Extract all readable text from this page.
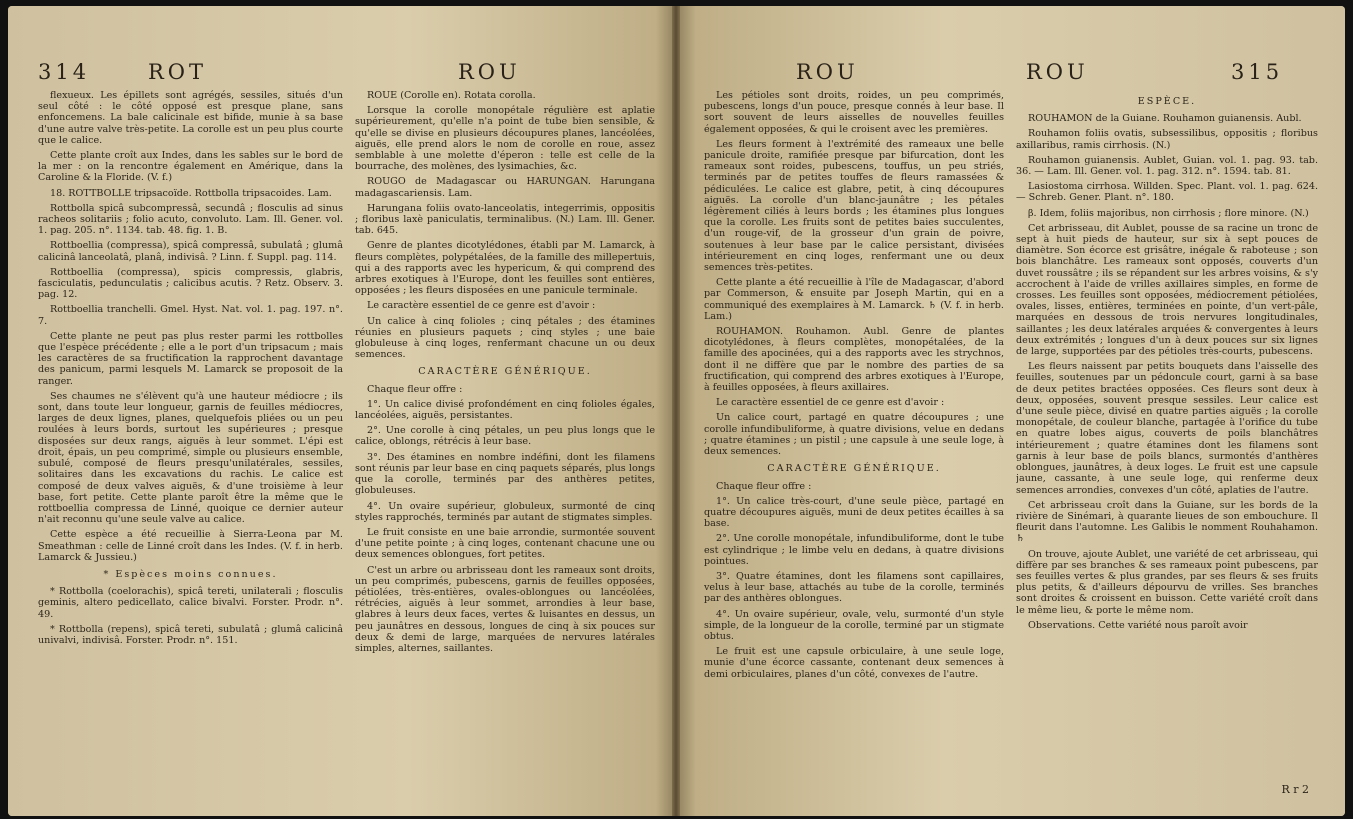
314	ROT	ROU

flexueux. Les épillets sont agrégés, sessiles, situés d'un seul côté : le côté opposé est presque plane, sans enfoncemens. La bale calicinale est bifide, munie à sa base d'une autre valve très-petite. La corolle est un peu plus courte que le calice.

Cette plante croît aux Indes, dans les sables sur le bord de la mer : on la rencontre également en Amérique, dans la Caroline & la Floride. (V. f.)

18. ROTTBOLLE tripsacoïde. Rottbolla tripsacoides. Lam.

Rottbolla spicâ subcompressâ, secundâ ; flosculis ad sinus racheos solitariis ; folio acuto, convoluto. Lam. Ill. Gener. vol. 1. pag. 205. n°. 1134. tab. 48. fig. 1. B.

Rottboellia (compressa), spicâ compressâ, subulatâ ; glumâ calicinâ lanceolatâ, planâ, indivisâ. ? Linn. f. Suppl. pag. 114.

Rottboellia (compressa), spicis compressis, glabris, fasciculatis, pedunculatis ; calicibus acutis. ? Retz. Observ. 3. pag. 12.

Rottboellia tranchelli. Gmel. Hyst. Nat. vol. 1. pag. 197. n°. 7.

Cette plante ne peut pas plus rester parmi les rottbolles que l'espèce précédente ; elle a le port d'un tripsacum ; mais les caractères de sa fructification la rapprochent davantage des panicum, parmi lesquels M. Lamarck se proposoit de la ranger.

Ses chaumes ne s'élèvent qu'à une hauteur médiocre ; ils sont, dans toute leur longueur, garnis de feuilles médiocres, larges de deux lignes, planes, quelquefois pliées ou un peu roulées à leurs bords, surtout les supérieures ; presque disposées sur deux rangs, aiguës à leur sommet. L'épi est droit, épais, un peu comprimé, simple ou plusieurs ensemble, subulé, composé de fleurs presqu'unilatérales, sessiles, solitaires dans les excavations du rachis. Le calice est composé de deux valves aiguës, & d'une troisième à leur base, fort petite. Cette plante paroît être la même que le rottboellia compressa de Linné, quoique ce dernier auteur n'ait reconnu qu'une seule valve au calice.

Cette espèce a été recueillie à Sierra-Leona par M. Smeathman : celle de Linné croît dans les Indes. (V. f. in herb. Lamarck & Jussieu.)

* Espèces moins connues.

* Rottbolla (coelorachis), spicâ tereti, unilaterali ; flosculis geminis, altero pedicellato, calice bivalvi. Forster. Prodr. n°. 49.

* Rottbolla (repens), spicâ tereti, subulatâ ; glumâ calicinâ univalvi, indivisâ. Forster. Prodr. n°. 151.

ROUE (Corolle en). Rotata corolla.

Lorsque la corolle monopétale régulière est aplatie supérieurement, qu'elle n'a point de tube bien sensible, & qu'elle se divise en plusieurs découpures planes, lancéolées, aiguës, elle prend alors le nom de corolle en roue, assez semblable à une molette d'éperon : telle est celle de la bourrache, des molènes, des lysimachies, &c.

ROUGO de Madagascar ou HARUNGAN. Harungana madagascariensis. Lam.

Harungana foliis ovato-lanceolatis, integerrimis, oppositis ; floribus laxè paniculatis, terminalibus. (N.) Lam. Ill. Gener. tab. 645.

Genre de plantes dicotylédones, établi par M. Lamarck, à fleurs complètes, polypétalées, de la famille des millepertuis, qui a des rapports avec les hypericum, & qui comprend des arbres exotiques à l'Europe, dont les feuilles sont entières, opposées ; les fleurs disposées en une panicule terminale.

Le caractère essentiel de ce genre est d'avoir :

Un calice à cinq folioles ; cinq pétales ; des étamines réunies en plusieurs paquets ; cinq styles ; une baie globuleuse à cinq loges, renfermant chacune un ou deux semences.

CARACTÈRE GÉNÉRIQUE.

Chaque fleur offre :

1°. Un calice divisé profondément en cinq folioles égales, lancéolées, aiguës, persistantes.

2°. Une corolle à cinq pétales, un peu plus longs que le calice, oblongs, rétrécis à leur base.

3°. Des étamines en nombre indéfini, dont les filamens sont réunis par leur base en cinq paquets séparés, plus longs que la corolle, terminés par des anthères petites, globuleuses.

4°. Un ovaire supérieur, globuleux, surmonté de cinq styles rapprochés, terminés par autant de stigmates simples.

Le fruit consiste en une baie arrondie, surmontée souvent d'une petite pointe ; à cinq loges, contenant chacune une ou deux semences oblongues, fort petites.

C'est un arbre ou arbrisseau dont les rameaux sont droits, un peu comprimés, pubescens, garnis de feuilles opposées, pétiolées, très-entières, ovales-oblongues ou lancéolées, rétrécies, aiguës à leur sommet, arrondies à leur base, glabres à leurs deux faces, vertes & luisantes en dessus, un peu jaunâtres en dessous, longues de cinq à six pouces sur deux & demi de large, marquées de nervures latérales simples, alternes, saillantes.

ROU	ROU	315

Les pétioles sont droits, roides, un peu comprimés, pubescens, longs d'un pouce, presque connés à leur base. Il sort souvent de leurs aisselles de nouvelles feuilles également opposées, & qui le croisent avec les premières.

Les fleurs forment à l'extrémité des rameaux une belle panicule droite, ramifiée presque par bifurcation, dont les rameaux sont roides, pubescens, touffus, un peu striés, terminés par de petites touffes de fleurs ramassées & pédiculées. Le calice est glabre, petit, à cinq découpures aiguës. La corolle d'un blanc-jaunâtre ; les pétales légèrement ciliés à leurs bords ; les étamines plus longues que la corolle. Les fruits sont de petites baies succulentes, d'un rouge-vif, de la grosseur d'un grain de poivre, soutenues à leur base par le calice persistant, divisées intérieurement en cinq loges, renfermant une ou deux semences très-petites.

Cette plante a été recueillie à l'île de Madagascar, d'abord par Commerson, & ensuite par Joseph Martin, qui en a communiqué des exemplaires à M. Lamarck. ♄ (V. f. in herb. Lam.)

ROUHAMON. Rouhamon. Aubl. Genre de plantes dicotylédones, à fleurs complètes, monopétalées, de la famille des apocinées, qui a des rapports avec les strychnos, dont il ne diffère que par le nombre des parties de sa fructification, qui comprend des arbres exotiques à l'Europe, à feuilles opposées, à fleurs axillaires.

Le caractère essentiel de ce genre est d'avoir :

Un calice court, partagé en quatre découpures ; une corolle infundibuliforme, à quatre divisions, velue en dedans ; quatre étamines ; un pistil ; une capsule à une seule loge, à deux semences.

CARACTÈRE GÉNÉRIQUE.

Chaque fleur offre :

1°. Un calice très-court, d'une seule pièce, partagé en quatre découpures aiguës, muni de deux petites écailles à sa base.

2°. Une corolle monopétale, infundibuliforme, dont le tube est cylindrique ; le limbe velu en dedans, à quatre divisions pointues.

3°. Quatre étamines, dont les filamens sont capillaires, velus à leur base, attachés au tube de la corolle, terminés par des anthères oblongues.

4°. Un ovaire supérieur, ovale, velu, surmonté d'un style simple, de la longueur de la corolle, terminé par un stigmate obtus.

Le fruit est une capsule orbiculaire, à une seule loge, munie d'une écorce cassante, contenant deux semences à demi orbiculaires, planes d'un côté, convexes de l'autre.

ESPÈCE.

ROUHAMON de la Guiane. Rouhamon guianensis. Aubl.

Rouhamon foliis ovatis, subsessilibus, oppositis ; floribus axillaribus, ramis cirrhosis. (N.)

Rouhamon guianensis. Aublet, Guian. vol. 1. pag. 93. tab. 36. — Lam. Ill. Gener. vol. 1. pag. 312. n°. 1594. tab. 81.

Lasiostoma cirrhosa. Willden. Spec. Plant. vol. 1. pag. 624. — Schreb. Gener. Plant. n°. 180.

β. Idem, foliis majoribus, non cirrhosis ; flore minore. (N.)

Cet arbrisseau, dit Aublet, pousse de sa racine un tronc de sept à huit pieds de hauteur, sur six à sept pouces de diamètre. Son écorce est grisâtre, inégale & raboteuse ; son bois blanchâtre. Les rameaux sont opposés, couverts d'un duvet roussâtre ; ils se répandent sur les arbres voisins, & s'y accrochent à l'aide de vrilles axillaires simples, en forme de crosses. Les feuilles sont opposées, médiocrement pétiolées, ovales, lisses, entières, terminées en pointe, d'un vert-pâle, marquées en dessous de trois nervures longitudinales, saillantes ; les deux latérales arquées & convergentes à leurs deux extrémités ; longues d'un à deux pouces sur six lignes de large, supportées par des pétioles très-courts, pubescens.

Les fleurs naissent par petits bouquets dans l'aisselle des feuilles, soutenues par un pédoncule court, garni à sa base de deux petites bractées opposées. Ces fleurs sont deux à deux, opposées, souvent presque sessiles. Leur calice est d'une seule pièce, divisé en quatre parties aiguës ; la corolle monopétale, de couleur blanche, partagée à l'orifice du tube en quatre lobes aigus, couverts de poils blanchâtres intérieurement ; quatre étamines dont les filamens sont garnis à leur base de poils blancs, surmontés d'anthères oblongues, jaunâtres, à deux loges. Le fruit est une capsule jaune, cassante, à une seule loge, qui renferme deux semences arrondies, convexes d'un côté, aplaties de l'autre.

Cet arbrisseau croît dans la Guiane, sur les bords de la rivière de Sinémari, à quarante lieues de son embouchure. Il fleurit dans l'automne. Les Galibis le nomment Rouhahamon. ♄

On trouve, ajoute Aublet, une variété de cet arbrisseau, qui diffère par ses branches & ses rameaux point pubescens, par ses feuilles vertes & plus grandes, par ses fleurs & ses fruits plus petits, & d'ailleurs dépourvu de vrilles. Ses branches sont droites & croissent en buisson. Cette variété croît dans le même lieu, & porte le même nom.

Observations. Cette variété nous paroît avoir

R r 2
